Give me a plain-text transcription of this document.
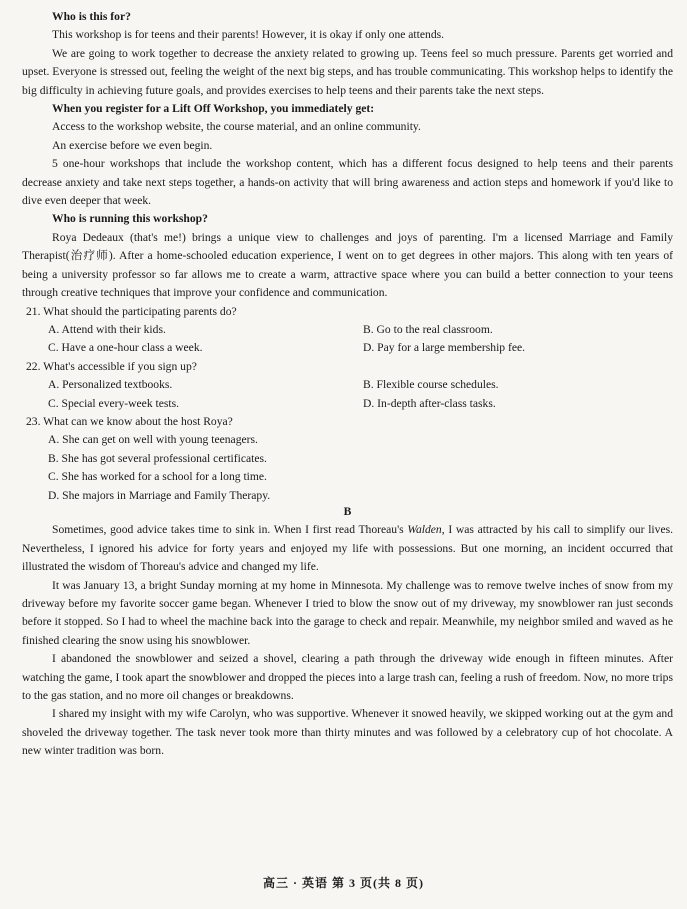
Who is this for?
This workshop is for teens and their parents! However, it is okay if only one attends.
We are going to work together to decrease the anxiety related to growing up. Teens feel so much pressure. Parents get worried and upset. Everyone is stressed out, feeling the weight of the next big steps, and has trouble communicating. This workshop helps to identify the big difficulty in achieving future goals, and provides exercises to help teens and their parents take the next steps.
When you register for a Lift Off Workshop, you immediately get:
Access to the workshop website, the course material, and an online community.
An exercise before we even begin.
5 one-hour workshops that include the workshop content, which has a different focus designed to help teens and their parents decrease anxiety and take next steps together, a hands-on activity that will bring awareness and action steps and homework if you'd like to dive even deeper that week.
Who is running this workshop?
Roya Dedeaux (that's me!) brings a unique view to challenges and joys of parenting. I'm a licensed Marriage and Family Therapist(治疗师). After a home-schooled education experience, I went on to get degrees in other majors. This along with ten years of being a university professor so far allows me to create a warm, attractive space where you can build a better connection to your teens through creative techniques that improve your confidence and communication.
21. What should the participating parents do?
A. Attend with their kids.	B. Go to the real classroom.
C. Have a one-hour class a week.	D. Pay for a large membership fee.
22. What's accessible if you sign up?
A. Personalized textbooks.	B. Flexible course schedules.
C. Special every-week tests.	D. In-depth after-class tasks.
23. What can we know about the host Roya?
A. She can get on well with young teenagers.
B. She has got several professional certificates.
C. She has worked for a school for a long time.
D. She majors in Marriage and Family Therapy.
B
Sometimes, good advice takes time to sink in. When I first read Thoreau's Walden, I was attracted by his call to simplify our lives. Nevertheless, I ignored his advice for forty years and enjoyed my life with possessions. But one morning, an incident occurred that illustrated the wisdom of Thoreau's advice and changed my life.
It was January 13, a bright Sunday morning at my home in Minnesota. My challenge was to remove twelve inches of snow from my driveway before my favorite soccer game began. Whenever I tried to blow the snow out of my driveway, my snowblower ran just seconds before it stopped. So I had to wheel the machine back into the garage to check and repair. Meanwhile, my neighbor smiled and waved as he finished clearing the snow using his snowblower.
I abandoned the snowblower and seized a shovel, clearing a path through the driveway wide enough in fifteen minutes. After watching the game, I took apart the snowblower and dropped the pieces into a large trash can, feeling a rush of freedom. Now, no more trips to the gas station, and no more oil changes or breakdowns.
I shared my insight with my wife Carolyn, who was supportive. Whenever it snowed heavily, we skipped working out at the gym and shoveled the driveway together. The task never took more than thirty minutes and was followed by a celebratory cup of hot chocolate. A new winter tradition was born.
高三 · 英语 第 3 页(共 8 页)
